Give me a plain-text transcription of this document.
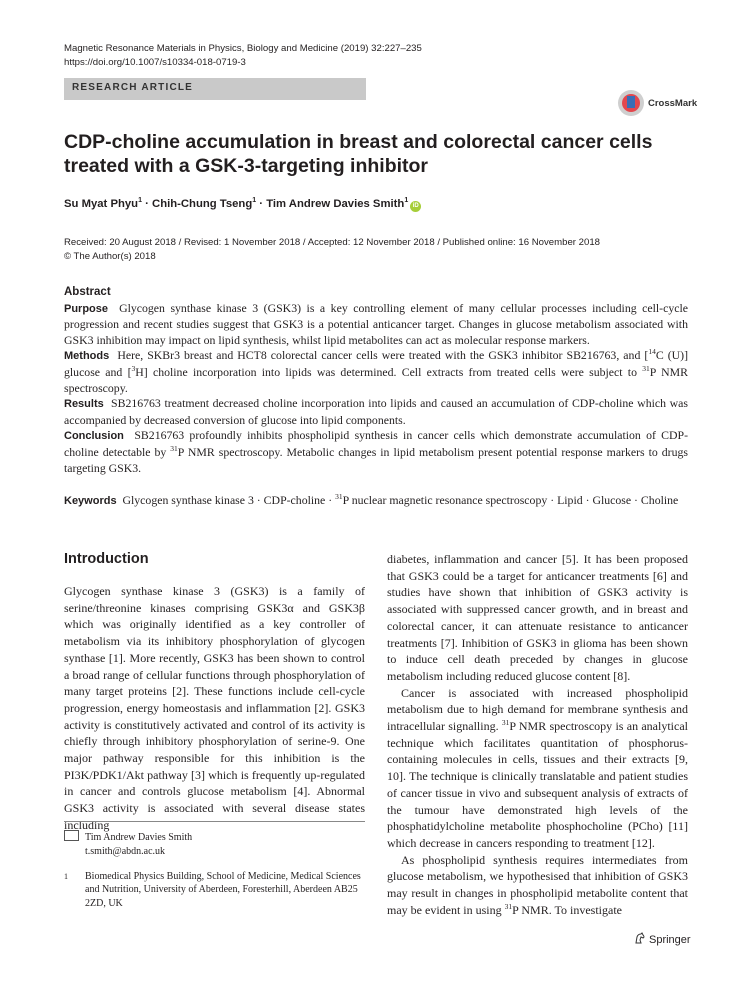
Magnetic Resonance Materials in Physics, Biology and Medicine (2019) 32:227–235
https://doi.org/10.1007/s10334-018-0719-3
RESEARCH ARTICLE
CrossMark
CDP-choline accumulation in breast and colorectal cancer cells treated with a GSK-3-targeting inhibitor
Su Myat Phyu$^1$ · Chih-Chung Tseng$^1$ · Tim Andrew Davies Smith$^1$iD
Received: 20 August 2018 / Revised: 1 November 2018 / Accepted: 12 November 2018 / Published online: 16 November 2018
© The Author(s) 2018

Abstract

Purpose Glycogen synthase kinase 3 (GSK3) is a key controlling element of many cellular processes including cell-cycle progression and recent studies suggest that GSK3 is a potential anticancer target. Changes in glucose metabolism associated with GSK3 inhibition may impact on lipid synthesis, whilst lipid metabolites can act as molecular response markers.

Methods Here, SKBr3 breast and HCT8 colorectal cancer cells were treated with the GSK3 inhibitor SB216763, and [$^{14}$C (U)] glucose and [$^3$H] choline incorporation into lipids was determined. Cell extracts from treated cells were subject to $^{31}$P NMR spectroscopy.

Results SB216763 treatment decreased choline incorporation into lipids and caused an accumulation of CDP-choline which was accompanied by decreased conversion of glucose into lipid components.

Conclusion SB216763 profoundly inhibits phospholipid synthesis in cancer cells which demonstrate accumulation of CDP-choline detectable by $^{31}$P NMR spectroscopy. Metabolic changes in lipid metabolism present potential response markers to drugs targeting GSK3.

Keywords Glycogen synthase kinase 3 · CDP-choline · $^{31}$P nuclear magnetic resonance spectroscopy · Lipid · Glucose · Choline
Introduction

Glycogen synthase kinase 3 (GSK3) is a family of serine/threonine kinases comprising GSK3α and GSK3β which was originally identified as a key controller of metabolism via its inhibitory phosphorylation of glycogen synthase [1]. More recently, GSK3 has been shown to control a broad range of cellular functions through phosphorylation of many target proteins [2]. These functions include cell-cycle progression, energy homeostasis and inflammation [2]. GSK3 activity is constitutively activated and control of its activity is chiefly through inhibitory phosphorylation of serine-9. One major pathway responsible for this inhibition is the PI3K/PDK1/Akt pathway [3] which is frequently up-regulated in cancer and controls glucose metabolism [4]. Abnormal GSK3 activity is associated with several disease states including

diabetes, inflammation and cancer [5]. It has been proposed that GSK3 could be a target for anticancer treatments [6] and studies have shown that inhibition of GSK3 activity is associated with suppressed cancer growth, and in breast and colorectal cancer, it can attenuate resistance to anticancer treatments [7]. Inhibition of GSK3 in glioma has been shown to induce cell death preceded by changes in glucose metabolism including reduced glucose content [8].

Cancer is associated with increased phospholipid metabolism due to high demand for membrane synthesis and intracellular signalling. $^{31}$P NMR spectroscopy is an analytical technique which facilitates quantitation of phosphorus-containing molecules in cells, tissues and their extracts [9, 10]. The technique is clinically translatable and patient studies of cancer tissue in vivo and subsequent analysis of extracts of the tumour have demonstrated high levels of the phosphatidylcholine metabolite phosphocholine (PCho) [11] which decrease in cancers responding to treatment [12].

As phospholipid synthesis requires intermediates from glucose metabolism, we hypothesised that inhibition of GSK3 may result in changes in phospholipid metabolite content that may be evident in using $^{31}$P NMR. To investigate

Tim Andrew Davies Smith
t.smith@abdn.ac.uk
1	Biomedical Physics Building, School of Medicine, Medical Sciences and Nutrition, University of Aberdeen, Foresterhill, Aberdeen AB25 2ZD, UK
Springer
